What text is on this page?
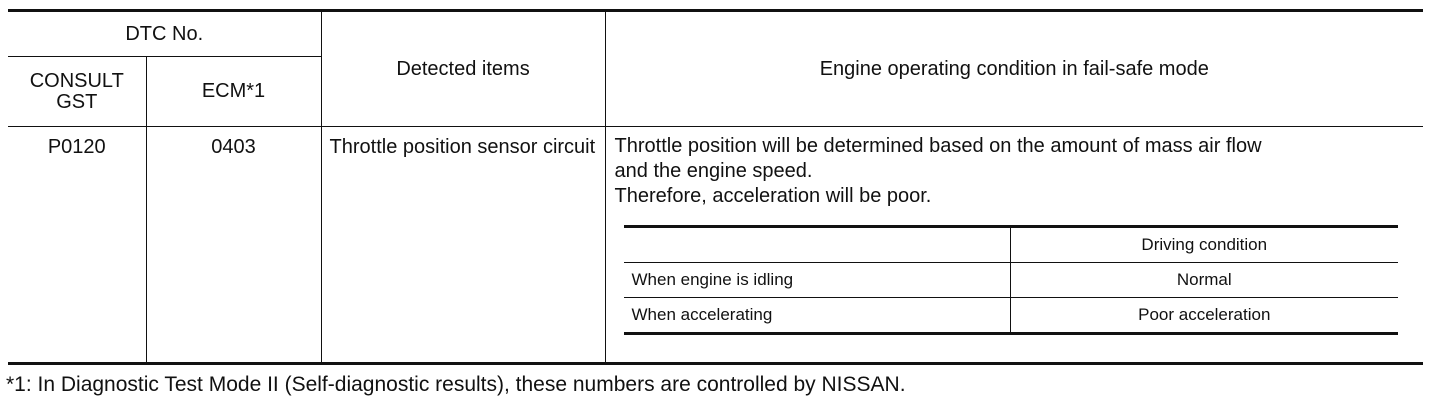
DTC No.	Detected items	Engine operating condition in fail-safe mode

CONSULT GST	ECM*1

P0120	0403	Throttle position sensor circuit	Throttle position will be determined based on the amount of mass air flow
and the engine speed.
Therefore, acceleration will be poor.
	Driving condition
When engine is idling	Normal
When accelerating	Poor acceleration
*1: In Diagnostic Test Mode II (Self-diagnostic results), these numbers are controlled by NISSAN.
